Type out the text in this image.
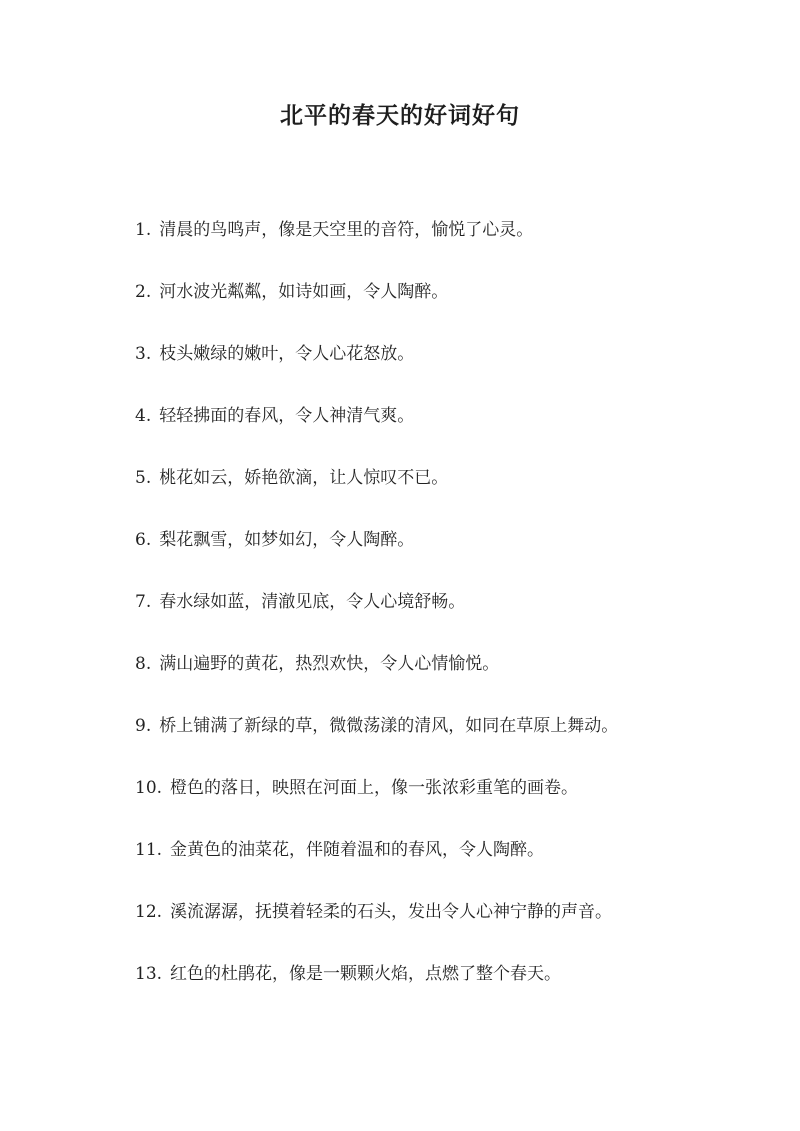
北平的春天的好词好句
1. 清晨的鸟鸣声，像是天空里的音符，愉悦了心灵。
2. 河水波光粼粼，如诗如画，令人陶醉。
3. 枝头嫩绿的嫩叶，令人心花怒放。
4. 轻轻拂面的春风，令人神清气爽。
5. 桃花如云，娇艳欲滴，让人惊叹不已。
6. 梨花飘雪，如梦如幻，令人陶醉。
7. 春水绿如蓝，清澈见底，令人心境舒畅。
8. 满山遍野的黄花，热烈欢快，令人心情愉悦。
9. 桥上铺满了新绿的草，微微荡漾的清风，如同在草原上舞动。
10. 橙色的落日，映照在河面上，像一张浓彩重笔的画卷。
11. 金黄色的油菜花，伴随着温和的春风，令人陶醉。
12. 溪流潺潺，抚摸着轻柔的石头，发出令人心神宁静的声音。
13. 红色的杜鹃花，像是一颗颗火焰，点燃了整个春天。
